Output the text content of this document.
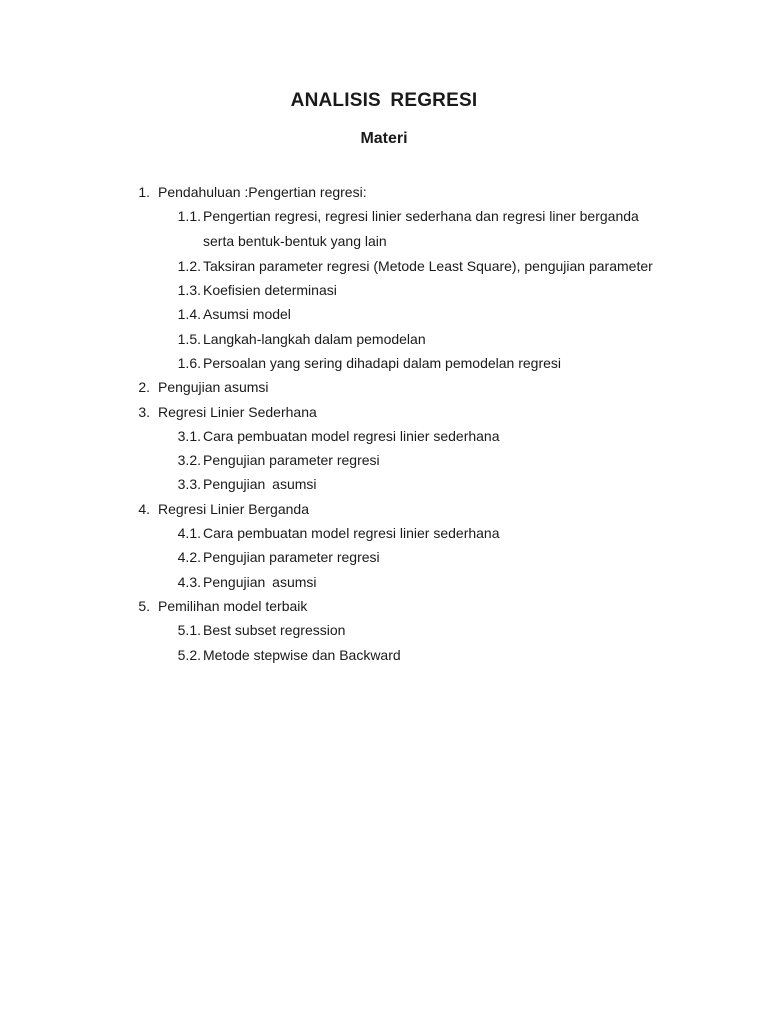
ANALISIS REGRESI
Materi
1. Pendahuluan :Pengertian regresi:
1.1. Pengertian regresi, regresi linier sederhana dan regresi liner berganda
serta bentuk-bentuk yang lain
1.2. Taksiran parameter regresi (Metode Least Square), pengujian parameter
1.3. Koefisien determinasi
1.4. Asumsi model
1.5. Langkah-langkah dalam pemodelan
1.6. Persoalan yang sering dihadapi dalam pemodelan regresi
2. Pengujian asumsi
3. Regresi Linier Sederhana
3.1. Cara pembuatan model regresi linier sederhana
3.2. Pengujian parameter regresi
3.3. Pengujian asumsi
4. Regresi Linier Berganda
4.1. Cara pembuatan model regresi linier sederhana
4.2. Pengujian parameter regresi
4.3. Pengujian asumsi
5. Pemilihan model terbaik
5.1. Best subset regression
5.2. Metode stepwise dan Backward
